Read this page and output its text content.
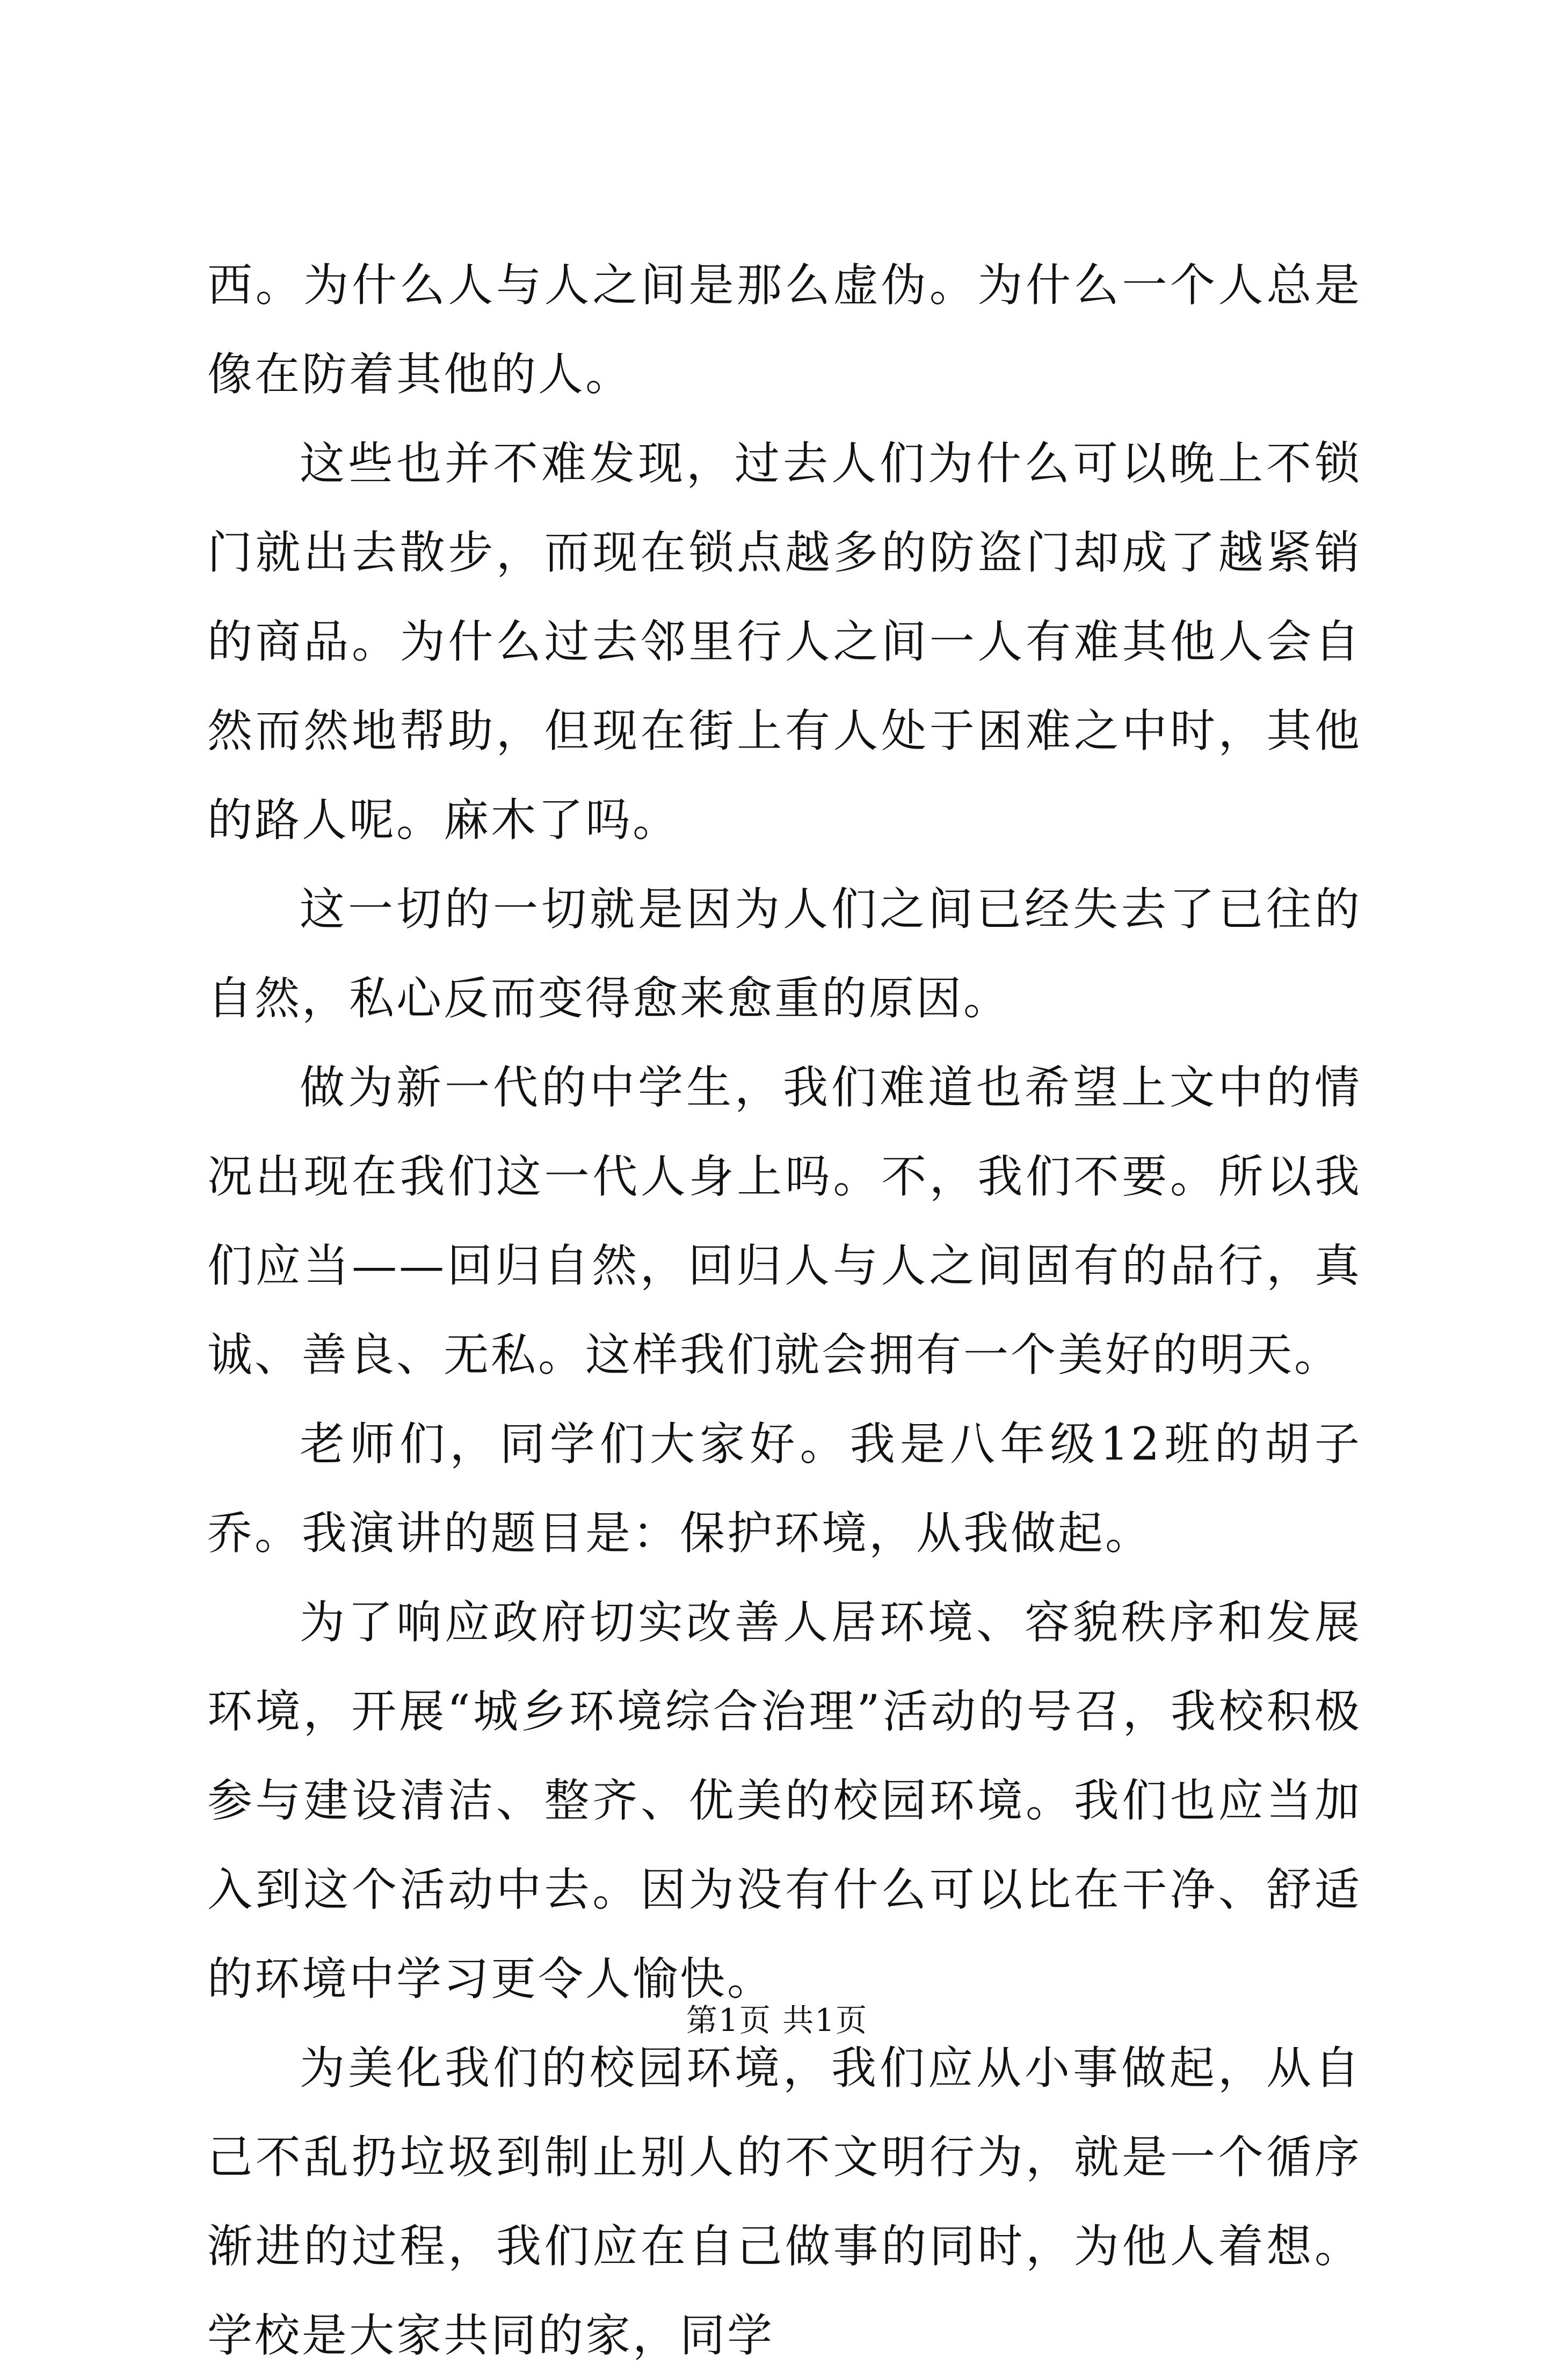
西。为什么人与人之间是那么虚伪。为什么一个人总是像在防着其他的人。

这些也并不难发现，过去人们为什么可以晚上不锁门就出去散步，而现在锁点越多的防盗门却成了越紧销的商品。为什么过去邻里行人之间一人有难其他人会自然而然地帮助，但现在街上有人处于困难之中时，其他的路人呢。麻木了吗。

这一切的一切就是因为人们之间已经失去了已往的自然，私心反而变得愈来愈重的原因。

做为新一代的中学生，我们难道也希望上文中的情况出现在我们这一代人身上吗。不，我们不要。所以我们应当——回归自然，回归人与人之间固有的品行，真诚、善良、无私。这样我们就会拥有一个美好的明天。

老师们，同学们大家好。我是八年级12班的胡子乔。我演讲的题目是：保护环境，从我做起。

为了响应政府切实改善人居环境、容貌秩序和发展环境，开展“城乡环境综合治理”活动的号召，我校积极参与建设清洁、整齐、优美的校园环境。我们也应当加入到这个活动中去。因为没有什么可以比在干净、舒适的环境中学习更令人愉快。

为美化我们的校园环境，我们应从小事做起，从自己不乱扔垃圾到制止别人的不文明行为，就是一个循序渐进的过程，我们应在自己做事的同时，为他人着想。学校是大家共同的家，同学

第1页 共1页
